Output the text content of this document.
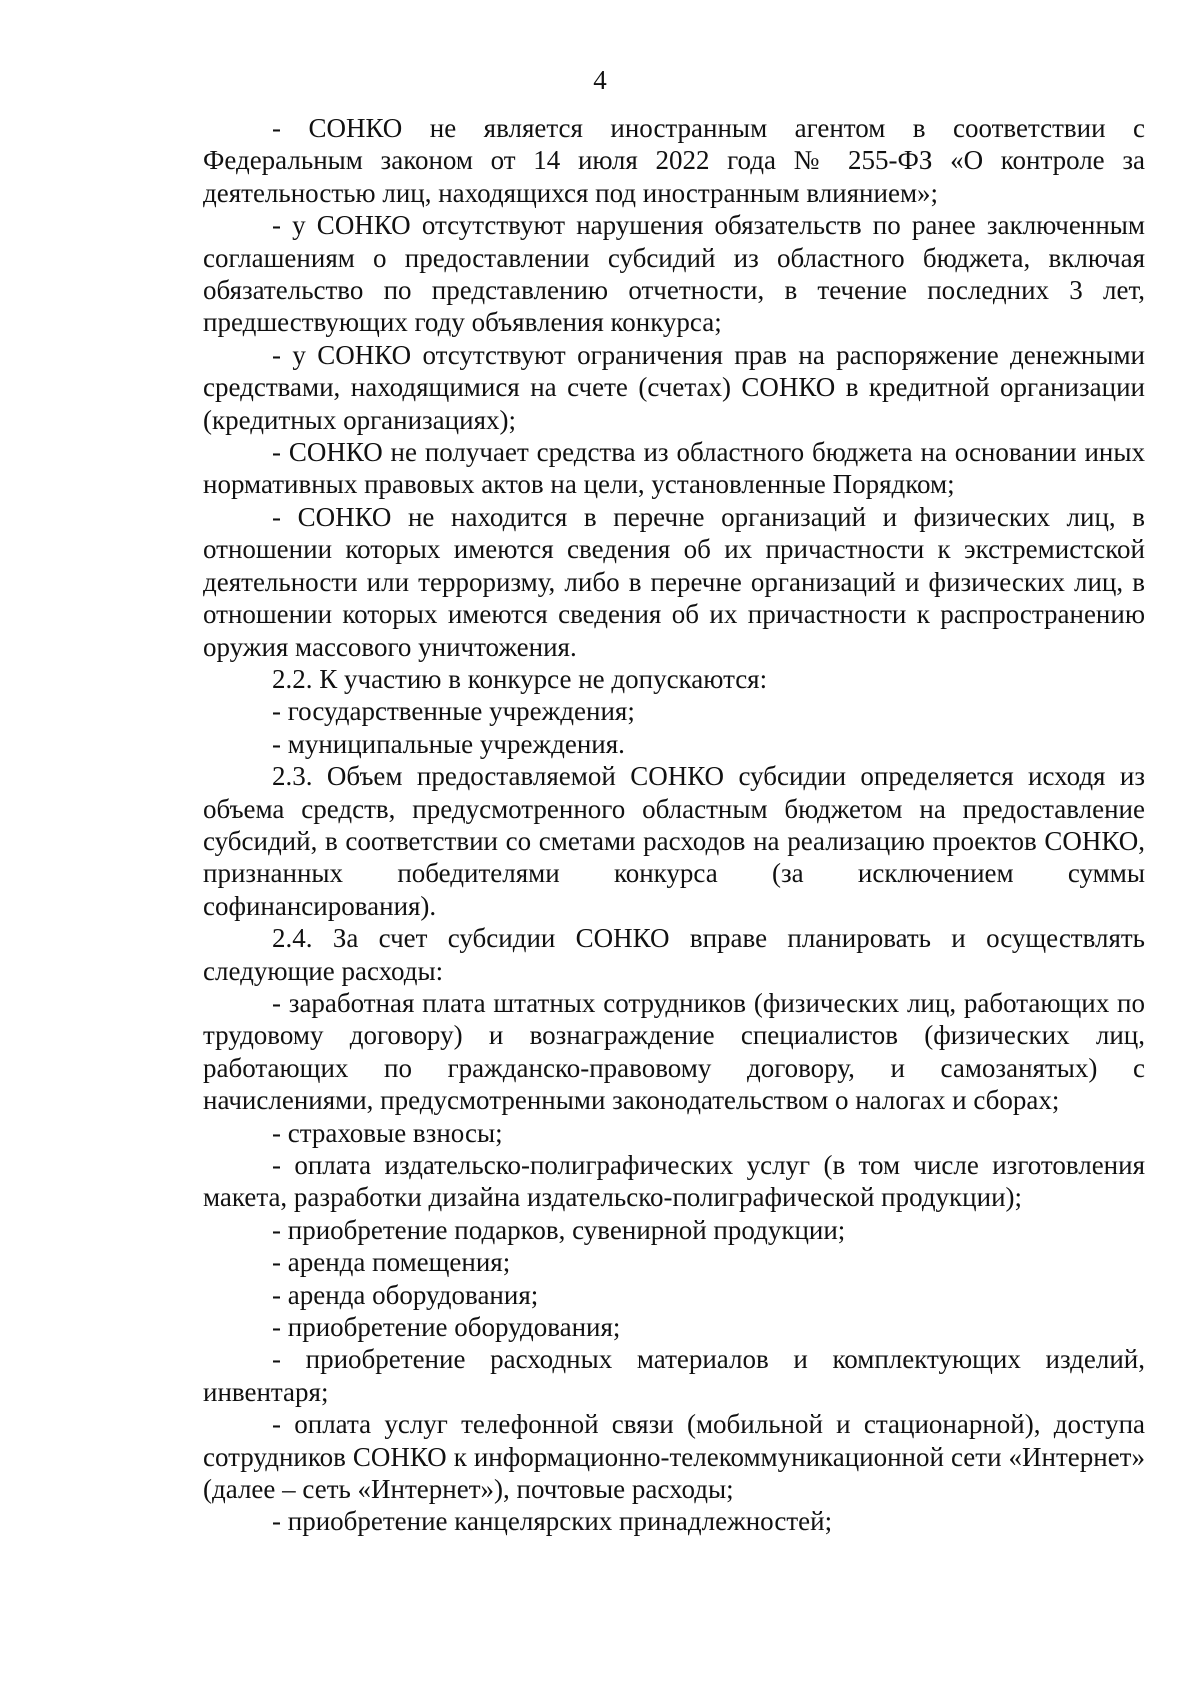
4

- СОНКО не является иностранным агентом в соответствии с Федеральным законом от 14 июля 2022 года № 255-ФЗ «О контроле за деятельностью лиц, находящихся под иностранным влиянием»;

- у СОНКО отсутствуют нарушения обязательств по ранее заключенным соглашениям о предоставлении субсидий из областного бюджета, включая обязательство по представлению отчетности, в течение последних 3 лет, предшествующих году объявления конкурса;

- у СОНКО отсутствуют ограничения прав на распоряжение денежными средствами, находящимися на счете (счетах) СОНКО в кредитной организации (кредитных организациях);

- СОНКО не получает средства из областного бюджета на основании иных нормативных правовых актов на цели, установленные Порядком;

- СОНКО не находится в перечне организаций и физических лиц, в отношении которых имеются сведения об их причастности к экстремистской деятельности или терроризму, либо в перечне организаций и физических лиц, в отношении которых имеются сведения об их причастности к распространению оружия массового уничтожения.

2.2. К участию в конкурсе не допускаются:

- государственные учреждения;

- муниципальные учреждения.

2.3. Объем предоставляемой СОНКО субсидии определяется исходя из объема средств, предусмотренного областным бюджетом на предоставление субсидий, в соответствии со сметами расходов на реализацию проектов СОНКО, признанных победителями конкурса (за исключением суммы софинансирования).

2.4. За счет субсидии СОНКО вправе планировать и осуществлять следующие расходы:

- заработная плата штатных сотрудников (физических лиц, работающих по трудовому договору) и вознаграждение специалистов (физических лиц, работающих по гражданско-правовому договору, и самозанятых) с начислениями, предусмотренными законодательством о налогах и сборах;

- страховые взносы;

- оплата издательско-полиграфических услуг (в том числе изготовления макета, разработки дизайна издательско-полиграфической продукции);

- приобретение подарков, сувенирной продукции;

- аренда помещения;

- аренда оборудования;

- приобретение оборудования;

- приобретение расходных материалов и комплектующих изделий, инвентаря;

- оплата услуг телефонной связи (мобильной и стационарной), доступа сотрудников СОНКО к информационно-телекоммуникационной сети «Интернет» (далее – сеть «Интернет»), почтовые расходы;

- приобретение канцелярских принадлежностей;
